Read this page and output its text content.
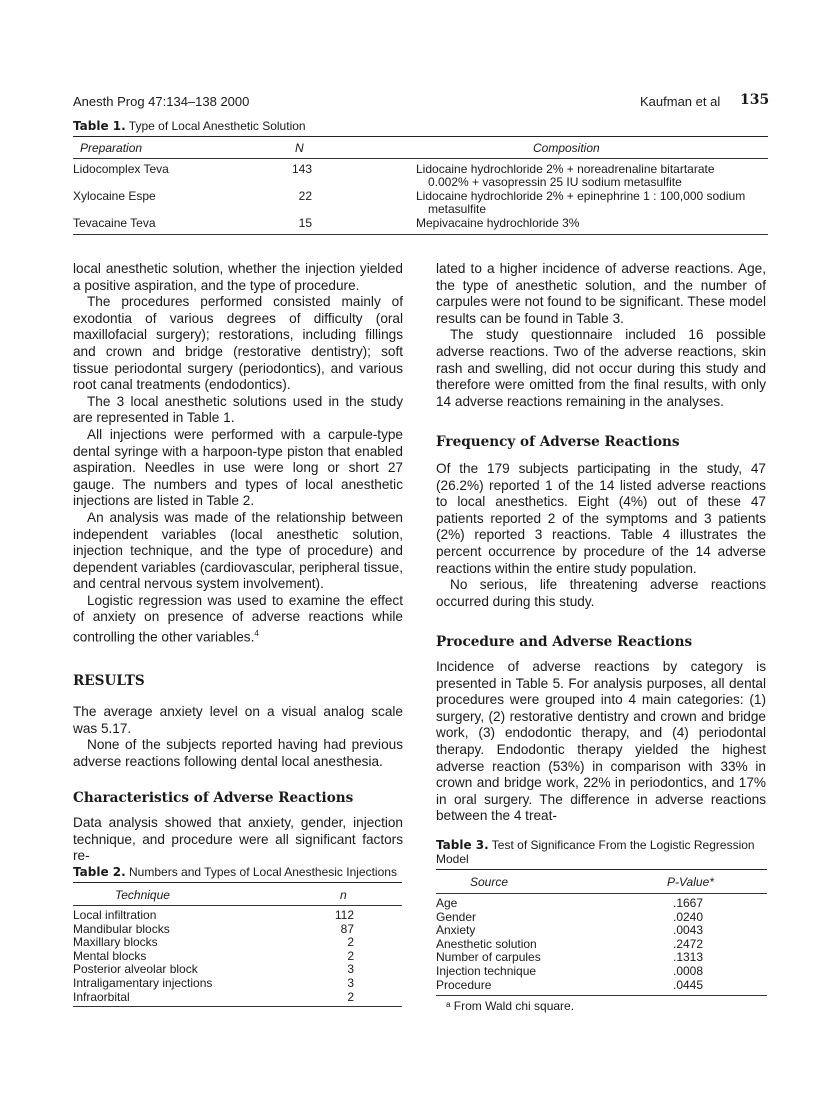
Anesth Prog 47:134–138 2000	Kaufman et al 135
Table 1. Type of Local Anesthetic Solution
Preparation	N	Composition

local anesthetic solution, whether the injection yielded a positive aspiration, and the type of procedure.

The procedures performed consisted mainly of exodontia of various degrees of difficulty (oral maxillofacial surgery); restorations, including fillings and crown and bridge (restorative dentistry); soft tissue periodontal surgery (periodontics), and various root canal treatments (endodontics).

The 3 local anesthetic solutions used in the study are represented in Table 1.

All injections were performed with a carpule-type dental syringe with a harpoon-type piston that enabled aspiration. Needles in use were long or short 27 gauge. The numbers and types of local anesthetic injections are listed in Table 2.

An analysis was made of the relationship between independent variables (local anesthetic solution, injection technique, and the type of procedure) and dependent variables (cardiovascular, peripheral tissue, and central nervous system involvement).

Logistic regression was used to examine the effect of anxiety on presence of adverse reactions while controlling the other variables.$^4$

RESULTS

The average anxiety level on a visual analog scale was 5.17.

None of the subjects reported having had previous adverse reactions following dental local anesthesia.

Characteristics of Adverse Reactions

Data analysis showed that anxiety, gender, injection technique, and procedure were all significant factors re-

Table 2. Numbers and Types of Local Anesthesic Injections
Technique	n

lated to a higher incidence of adverse reactions. Age, the type of anesthetic solution, and the number of carpules were not found to be significant. These model results can be found in Table 3.

The study questionnaire included 16 possible adverse reactions. Two of the adverse reactions, skin rash and swelling, did not occur during this study and therefore were omitted from the final results, with only 14 adverse reactions remaining in the analyses.

Frequency of Adverse Reactions

Of the 179 subjects participating in the study, 47 (26.2%) reported 1 of the 14 listed adverse reactions to local anesthetics. Eight (4%) out of these 47 patients reported 2 of the symptoms and 3 patients (2%) reported 3 reactions. Table 4 illustrates the percent occurrence by procedure of the 14 adverse reactions within the entire study population.

No serious, life threatening adverse reactions occurred during this study.

Procedure and Adverse Reactions

Incidence of adverse reactions by category is presented in Table 5. For analysis purposes, all dental procedures were grouped into 4 main categories: (1) surgery, (2) restorative dentistry and crown and bridge work, (3) endodontic therapy, and (4) periodontal therapy. Endodontic therapy yielded the highest adverse reaction (53%) in comparison with 33% in crown and bridge work, 22% in periodontics, and 17% in oral surgery. The difference in adverse reactions between the 4 treat-

Table 3. Test of Significance From the Logistic Regression Model
Source	P-Value*
ᵃ From Wald chi square.
Lidocomplex Teva	143	Lidocaine hydrochloride 2% + noreadrenaline bitartarate
0.002% + vasopressin 25 IU sodium metasulfite
Xylocaine Espe	22	Lidocaine hydrochloride 2% + epinephrine 1 : 100,000 sodium
metasulfite
Tevacaine Teva	15	Mepivacaine hydrochloride 3%
Local infiltration	112
Mandibular blocks	87
Maxillary blocks	2
Mental blocks	2
Posterior alveolar block	3
Intraligamentary injections	3
Infraorbital	2
Age	.1667
Gender	.0240
Anxiety	.0043
Anesthetic solution	.2472
Number of carpules	.1313
Injection technique	.0008
Procedure	.0445
